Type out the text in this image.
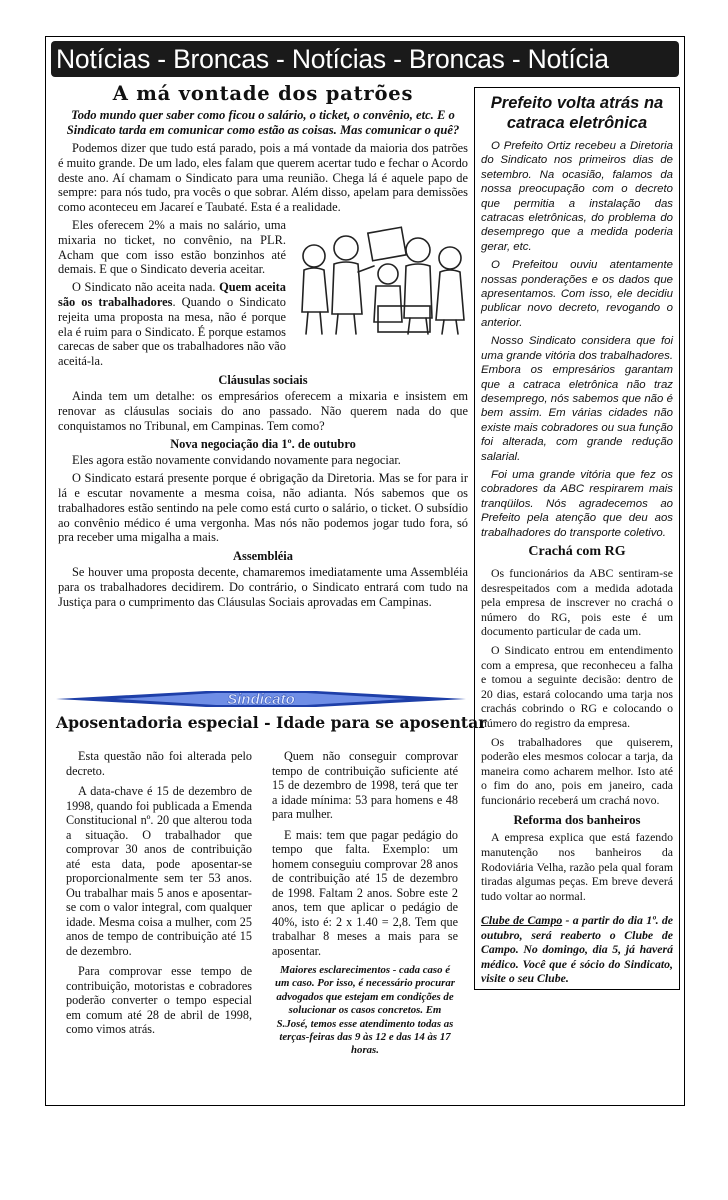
Notícias - Broncas - Notícias - Broncas - Notícia
A má vontade dos patrões
Todo mundo quer saber como ficou o salário, o ticket, o convênio, etc. E o Sindicato tarda em comunicar como estão as coisas. Mas comunicar o quê?

Podemos dizer que tudo está parado, pois a má vontade da maioria dos patrões é muito grande. De um lado, eles falam que querem acertar tudo e fechar o Acordo deste ano. Aí chamam o Sindicato para uma reunião. Chega lá é aquele papo de sempre: para nós tudo, pra vocês o que sobrar. Além disso, apelam para demissões como aconteceu em Jacareí e Taubaté. Esta é a realidade.

Eles oferecem 2% a mais no salário, uma mixaria no ticket, no convênio, na PLR. Acham que com isso estão bonzinhos até demais. E que o Sindicato deveria aceitar.

O Sindicato não aceita nada. Quem aceita são os trabalhadores. Quando o Sindicato rejeita uma proposta na mesa, não é porque ela é ruim para o Sindicato. É porque estamos carecas de saber que os trabalhadores não vão aceitá-la.

Cláusulas sociais

Ainda tem um detalhe: os empresários oferecem a mixaria e insistem em renovar as cláusulas sociais do ano passado. Não querem nada do que conquistamos no Tribunal, em Campinas. Tem como?

Nova negociação dia 1º. de outubro

Eles agora estão novamente convidando novamente para negociar.

O Sindicato estará presente porque é obrigação da Diretoria. Mas se for para ir lá e escutar novamente a mesma coisa, não adianta. Nós sabemos que os trabalhadores estão sentindo na pele como está curto o salário, o ticket. O subsídio ao convênio médico é uma vergonha. Mas nós não podemos jogar tudo fora, só pra receber uma migalha a mais.

Assembléia

Se houver uma proposta decente, chamaremos imediatamente uma Assembléia para os trabalhadores decidirem. Do contrário, o Sindicato entrará com tudo na Justiça para o cumprimento das Cláusulas Sociais aprovadas em Campinas.

Sindicato
Aposentadoria especial - Idade para se aposentar

Esta questão não foi alterada pelo decreto.

A data-chave é 15 de dezembro de 1998, quando foi publicada a Emenda Constitucional nº. 20 que alterou toda a situação. O trabalhador que comprovar 30 anos de contribuição até esta data, pode aposentar-se proporcionalmente sem ter 53 anos. Ou trabalhar mais 5 anos e aposentar-se com o valor integral, com qualquer idade. Mesma coisa a mulher, com 25 anos de tempo de contribuição até 15 de dezembro.

Para comprovar esse tempo de contribuição, motoristas e cobradores poderão converter o tempo especial em comum até 28 de abril de 1998, como vimos atrás.

Quem não conseguir comprovar tempo de contribuição suficiente até 15 de dezembro de 1998, terá que ter a idade mínima: 53 para homens e 48 para mulher.

E mais: tem que pagar pedágio do tempo que falta. Exemplo: um homem conseguiu comprovar 28 anos de contribuição até 15 de dezembro de 1998. Faltam 2 anos. Sobre este 2 anos, tem que aplicar o pedágio de 40%, isto é: 2 x 1.40 = 2,8. Tem que trabalhar 8 meses a mais para se aposentar.

Maiores esclarecimentos - cada caso é um caso. Por isso, é necessário procurar advogados que estejam em condições de solucionar os casos concretos. Em S.José, temos esse atendimento todas as terças-feiras das 9 às 12 e das 14 às 17 horas.
Prefeito volta atrás na catraca eletrônica

O Prefeito Ortiz recebeu a Diretoria do Sindicato nos primeiros dias de setembro. Na ocasião, falamos da nossa preocupação com o decreto que permitia a instalação das catracas eletrônicas, do problema do desemprego que a medida poderia gerar, etc.

O Prefeitou ouviu atentamente nossas ponderações e os dados que apresentamos. Com isso, ele decidiu publicar novo decreto, revogando o anterior.

Nosso Sindicato considera que foi uma grande vitória dos trabalhadores. Embora os empresários garantam que a catraca eletrônica não traz desemprego, nós sabemos que não é bem assim. Em várias cidades não existe mais cobradores ou sua função foi alterada, com grande redução salarial.

Foi uma grande vitória que fez os cobradores da ABC respirarem mais tranqüilos. Nós agradecemos ao Prefeito pela atenção que deu aos trabalhadores do transporte coletivo.

Crachá com RG

Os funcionários da ABC sentiram-se desrespeitados com a medida adotada pela empresa de inscrever no crachá o número do RG, pois este é um documento particular de cada um.

O Sindicato entrou em entendimento com a empresa, que reconheceu a falha e tomou a seguinte decisão: dentro de 20 dias, estará colocando uma tarja nos crachás cobrindo o RG e colocando o número do registro da empresa.

Os trabalhadores que quiserem, poderão eles mesmos colocar a tarja, da maneira como acharem melhor. Isto até o fim do ano, pois em janeiro, cada funcionário receberá um crachá novo.

Reforma dos banheiros

A empresa explica que está fazendo manutenção nos banheiros da Rodoviária Velha, razão pela qual foram tiradas algumas peças. Em breve deverá tudo voltar ao normal.

Clube de Campo - a partir do dia 1º. de outubro, será reaberto o Clube de Campo. No domingo, dia 5, já haverá médico. Você que é sócio do Sindicato, visite o seu Clube.
